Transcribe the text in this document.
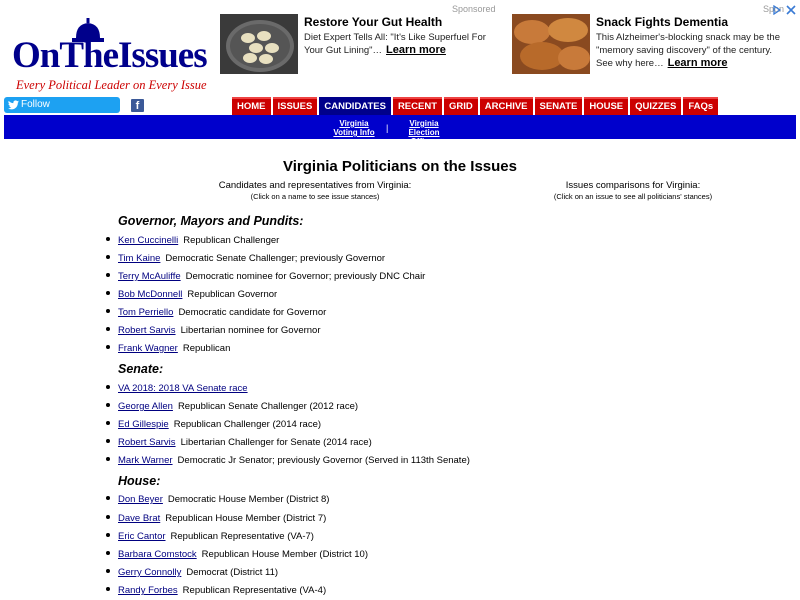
OnTheIssues
Every Political Leader on Every Issue
Sponsored
Restore Your Gut Health
Diet Expert Tells All: "It's Like Superfuel For Your Gut Lining"… Learn more
Snack Fights Dementia
This Alzheimer's-blocking snack may be the "memory saving discovery" of the century. See why here… Learn more
Spon
Follow	f	HOME	ISSUES	CANDIDATES	RECENT	GRID	ARCHIVE	SENATE	HOUSE	QUIZZES	FAQs
Virginia
Voting Info |	Virginia
Election Offices
Virginia Politicians on the Issues
Candidates and representatives from Virginia:
(Click on a name to see issue stances)
Issues comparisons for Virginia:
(Click on an issue to see all politicians' stances)
Governor, Mayors and Pundits:
Ken Cuccinelli Republican Challenger
Tim Kaine Democratic Senate Challenger; previously Governor
Terry McAuliffe Democratic nominee for Governor; previously DNC Chair
Bob McDonnell Republican Governor
Tom Perriello Democratic candidate for Governor
Robert Sarvis Libertarian nominee for Governor
Frank Wagner Republican
Senate:
VA 2018: 2018 VA Senate race
George Allen Republican Senate Challenger (2012 race)
Ed Gillespie Republican Challenger (2014 race)
Robert Sarvis Libertarian Challenger for Senate (2014 race)
Mark Warner Democratic Jr Senator; previously Governor (Served in 113th Senate)
House:
Don Beyer Democratic House Member (District 8)
Dave Brat Republican House Member (District 7)
Eric Cantor Republican Representative (VA-7)
Barbara Comstock Republican House Member (District 10)
Gerry Connolly Democrat (District 11)
Randy Forbes Republican Representative (VA-4)
